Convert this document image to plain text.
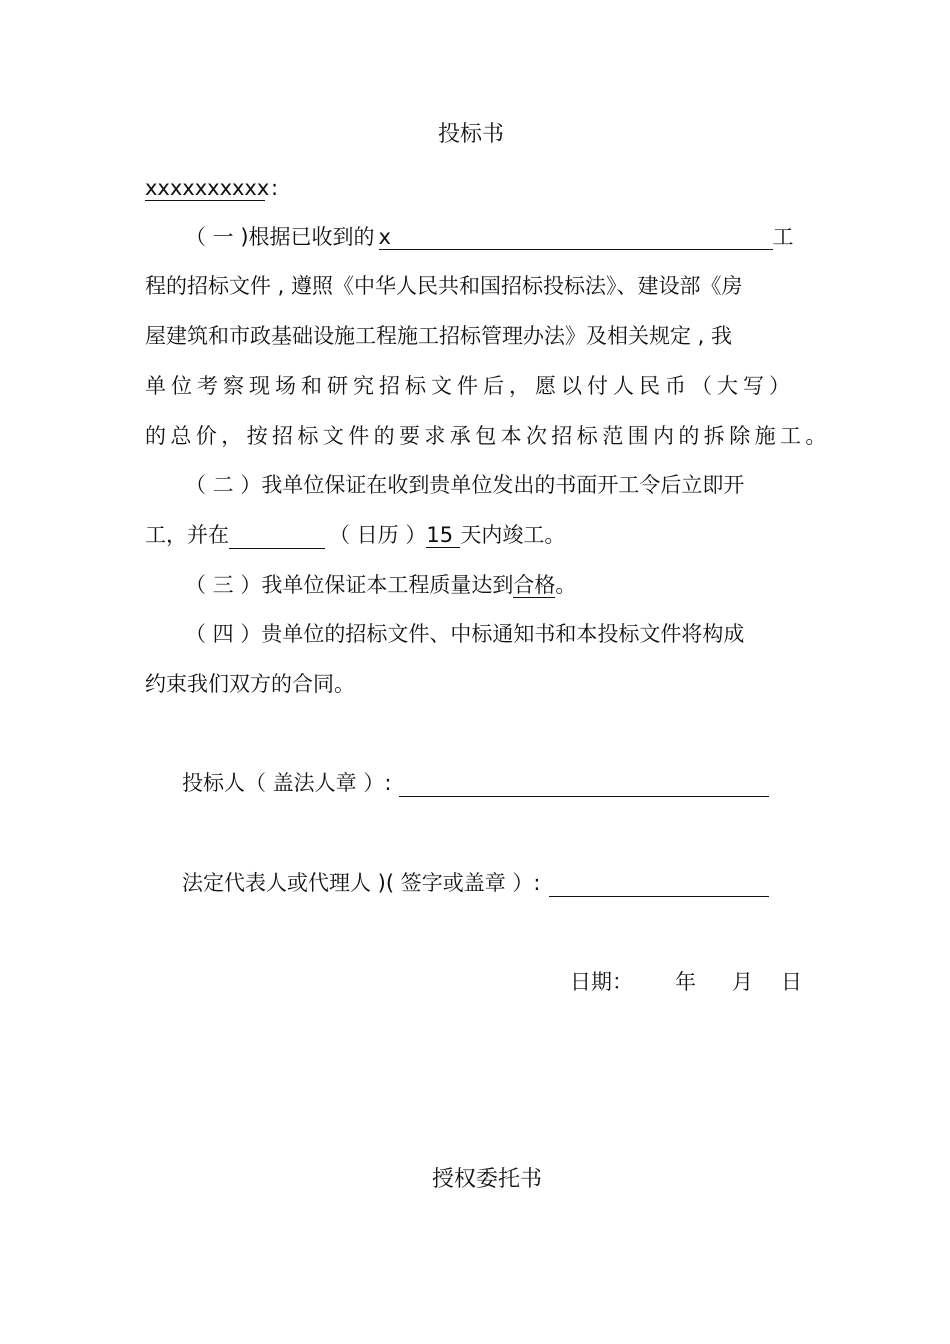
投标书
xxxxxxxxxx:
（ 一 )根据已收到的 x	工
程的招标文件 , 遵照《中华人民共和国招标投标法》、建设部《房
屋建筑和市政基础设施工程施工招标管理办法》及相关规定 , 我
单位考察现场和研究招标文件后，愿以付人民币（大写）
的总价，按招标文件的要求承包本次招标范围内的拆除施工。
（ 二 ）我单位保证在收到贵单位发出的书面开工令后立即开
工，并在	（ 日历 ）15 天内竣工。
（ 三 ）我单位保证本工程质量达到合格。
（ 四 ）贵单位的招标文件、中标通知书和本投标文件将构成
约束我们双方的合同。
投标人（ 盖法人章 ）:
法定代表人或代理人 )( 签字或盖章 ）:
日期： 年 月 日
授权委托书
